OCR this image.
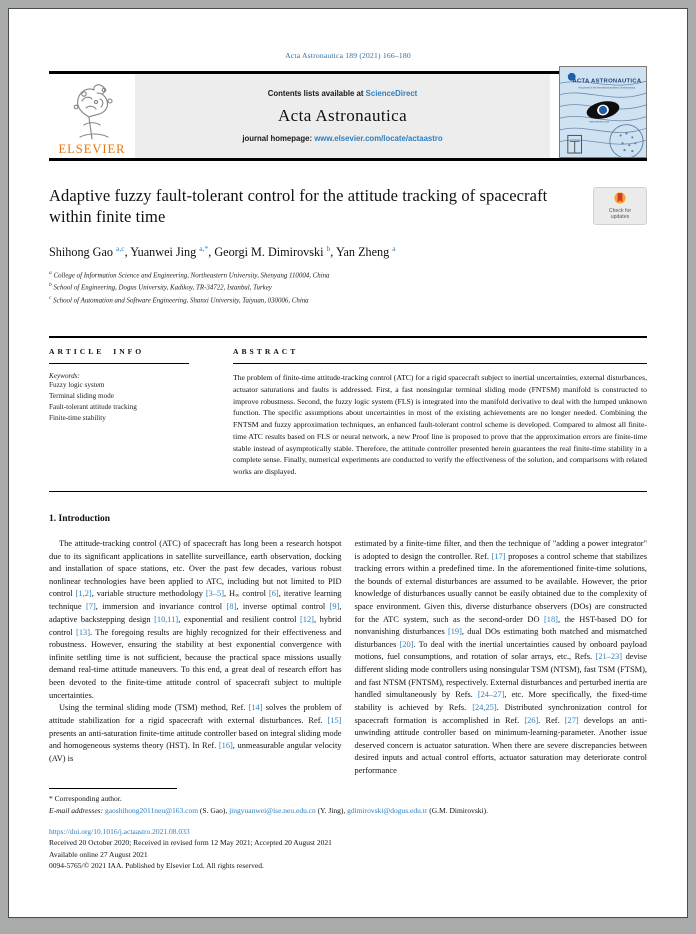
Acta Astronautica 189 (2021) 166–180
ELSEVIER
Contents lists available at ScienceDirect
Acta Astronautica
journal homepage: www.elsevier.com/locate/actaastro
ACTA ASTRONAUTICA
the journal of the international academy of astronautics
www.elsevier.com
Adaptive fuzzy fault-tolerant control for the attitude tracking of spacecraft within finite time	Check for
updates
Shihong Gao $^{a,c}$, Yuanwei Jing $^{a,*}$, Georgi M. Dimirovski $^b$, Yan Zheng $^a$
$^a$ College of Information Science and Engineering, Northeastern University, Shenyang 110004, China
$^b$ School of Engineering, Dogus University, Kadikoy, TR-34722, Istanbul, Turkey
$^c$ School of Automation and Software Engineering, Shanxi University, Taiyuan, 030006, China
ARTICLE INFO
Keywords:
Fuzzy logic system
Terminal sliding mode
Fault-tolerant attitude tracking
Finite-time stability
ABSTRACT
The problem of finite-time attitude-tracking control (ATC) for a rigid spacecraft subject to inertial uncertainties, external disturbances, actuator saturations and faults is addressed. First, a fast nonsingular terminal sliding mode (FNTSM) manifold is constructed to improve robustness. Second, the fuzzy logic system (FLS) is integrated into the manifold derivative to deal with the lumped unknown function. The specific assumptions about uncertainties in most of the existing achievements are no longer needed. Combining the FNTSM and fuzzy approximation techniques, an enhanced fault-tolerant control scheme is developed. Compared to almost all finite-time ATC results based on FLS or neural network, a new Proof line is proposed to prove that the approximation errors are finite-time stable instead of asymptotically stable. Therefore, the attitude controller presented herein guarantees the real finite-time stability in a complete sense. Finally, numerical experiments are conducted to verify the effectiveness of the solution, and comparisons with related works are displayed.
1. Introduction

The attitude-tracking control (ATC) of spacecraft has long been a research hotspot due to its significant applications in satellite surveillance, earth observation, docking and installation of space stations, etc. Over the past few decades, various robust nonlinear technologies have been applied to ATC, including but not limited to PID control [1,2], variable structure methodology [3–5], H∞ control [6], iterative learning technique [7], immersion and invariance control [8], inverse optimal control [9], adaptive backstepping design [10,11], exponential and resilient control [12], hybrid control [13]. The foregoing results are highly recognized for their effectiveness and robustness. However, ensuring the stability at best exponential convergence with infinite settling time is not sufficient, because the practical space missions usually demand real-time attitude maneuvers. To this end, a great deal of research effort has been devoted to the finite-time attitude control of spacecraft subject to multiple uncertainties.

Using the terminal sliding mode (TSM) method, Ref. [14] solves the problem of attitude stabilization for a rigid spacecraft with external disturbances. Ref. [15] presents an anti-saturation finite-time attitude controller based on integral sliding mode and homogeneous systems theory (HST). In Ref. [16], unmeasurable angular velocity (AV) is

estimated by a finite-time filter, and then the technique of "adding a power integrator" is adopted to design the controller. Ref. [17] proposes a control scheme that stabilizes tracking errors within a predefined time. In the aforementioned finite-time solutions, the bounds of external disturbances are assumed to be available. However, the prior knowledge of disturbances usually cannot be easily obtained due to the complexity of space environment. Given this, diverse disturbance observers (DOs) are constructed for the ATC system, such as the second-order DO [18], the HST-based DO for nonvanishing disturbances [19], dual DOs estimating both matched and mismatched disturbances [20]. To deal with the inertial uncertainties caused by onboard payload motions, fuel consumptions, and rotation of solar arrays, etc., Refs. [21–23] devise different sliding mode controllers using nonsingular TSM (NTSM), fast TSM (FTSM), and fast NTSM (FNTSM), respectively. External disturbances and perturbed inertia are handled simultaneously by Refs. [24–27], etc. More specifically, the fixed-time stability is achieved by Refs. [24,25]. Distributed synchronization control for spacecraft formation is accomplished in Ref. [26]. Ref. [27] develops an anti-unwinding attitude controller based on minimum-learning-parameter. Another issue deserved concern is actuator saturation. When there are severe discrepancies between desired inputs and actual control efforts, actuator saturation may deteriorate control performance

* Corresponding author.
E-mail addresses: gaoshihong2011neu@163.com (S. Gao), jingyuanwei@ise.neu.edu.cn (Y. Jing), gdimirovski@dogus.edu.tr (G.M. Dimirovski).
https://doi.org/10.1016/j.actaastro.2021.08.033
Received 20 October 2020; Received in revised form 12 May 2021; Accepted 20 August 2021
Available online 27 August 2021
0094-5765/© 2021 IAA. Published by Elsevier Ltd. All rights reserved.
